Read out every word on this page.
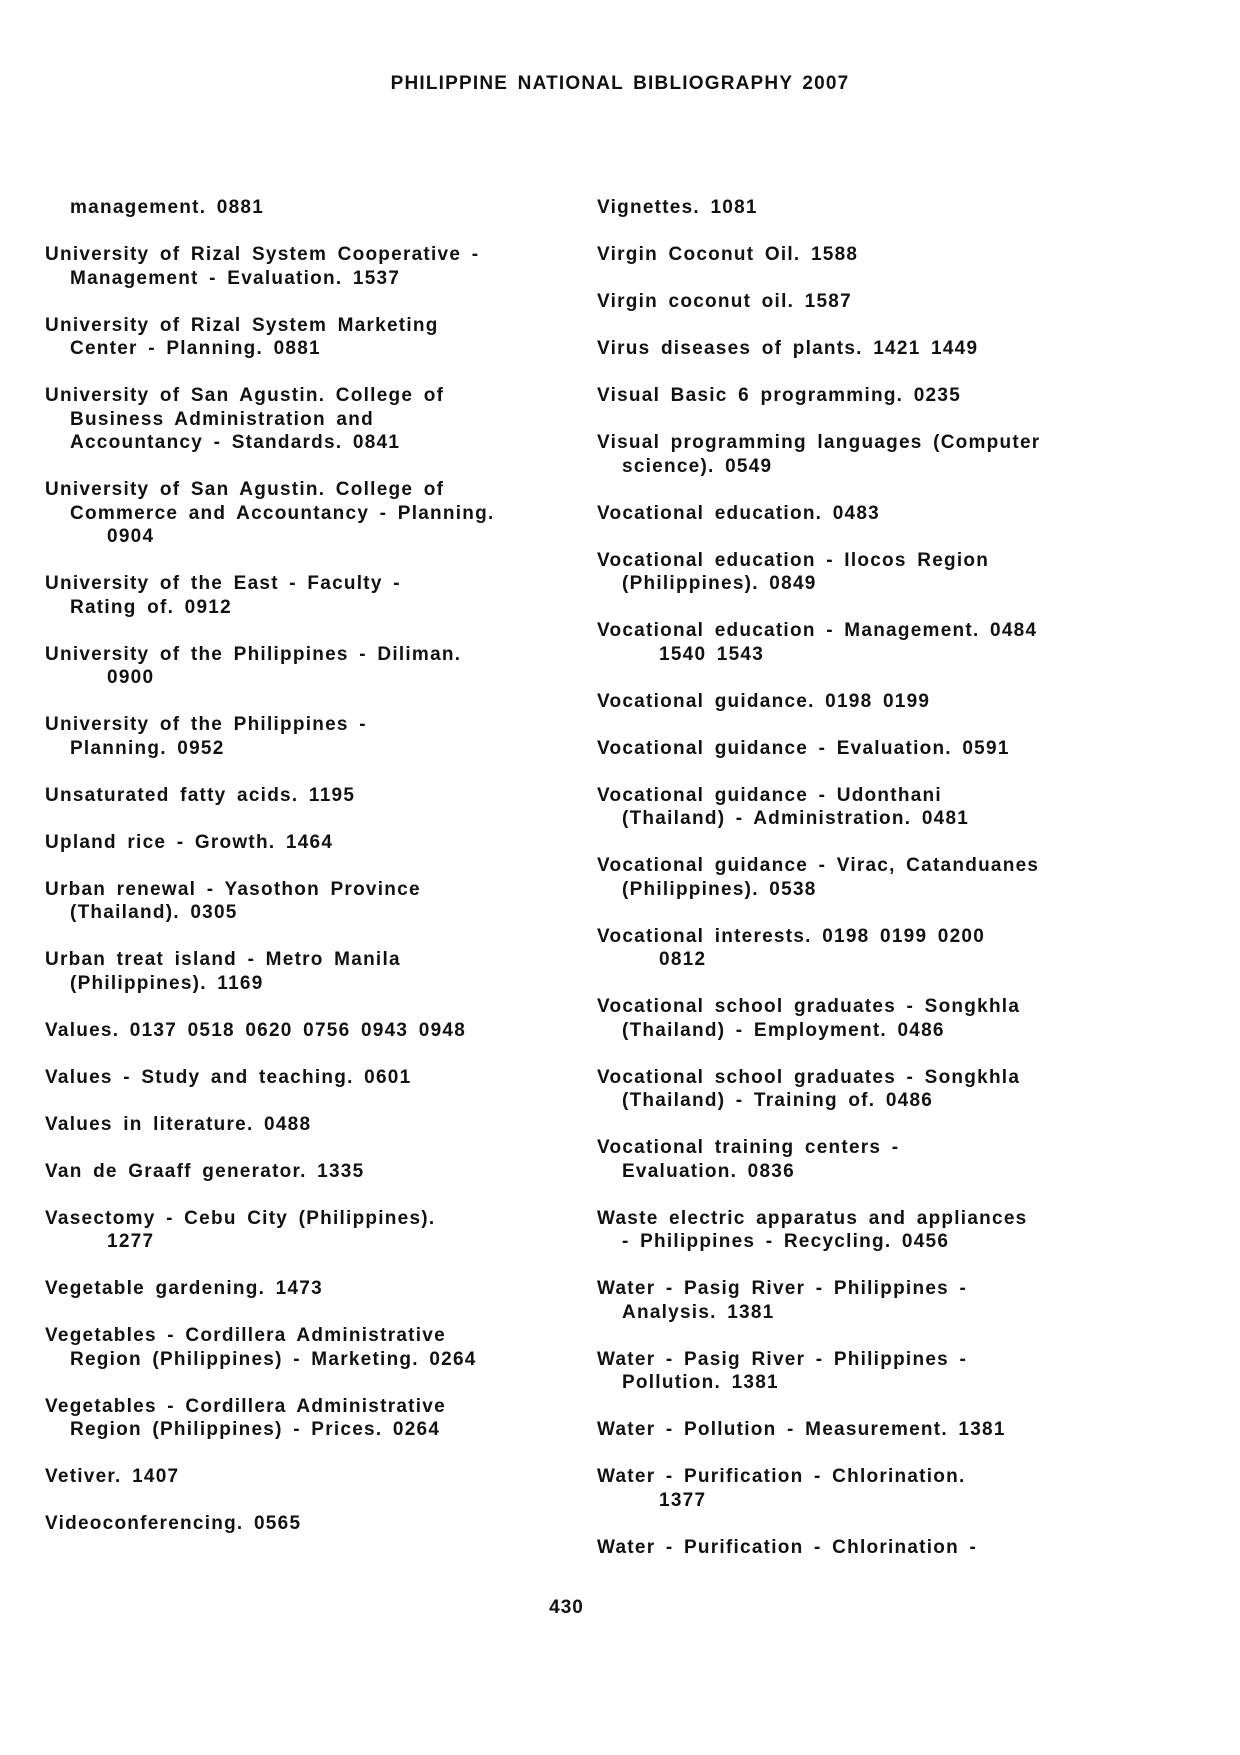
PHILIPPINE NATIONAL BIBLIOGRAPHY 2007
management. 0881
University of Rizal System Cooperative -
Management - Evaluation. 1537
University of Rizal System Marketing
Center - Planning. 0881
University of San Agustin. College of
Business Administration and
Accountancy - Standards. 0841
University of San Agustin. College of
Commerce and Accountancy - Planning.
0904
University of the East - Faculty -
Rating of. 0912
University of the Philippines - Diliman.
0900
University of the Philippines -
Planning. 0952
Unsaturated fatty acids. 1195
Upland rice - Growth. 1464
Urban renewal - Yasothon Province
(Thailand). 0305
Urban treat island - Metro Manila
(Philippines). 1169
Values. 0137 0518 0620 0756 0943 0948
Values - Study and teaching. 0601
Values in literature. 0488
Van de Graaff generator. 1335
Vasectomy - Cebu City (Philippines).
1277
Vegetable gardening. 1473
Vegetables - Cordillera Administrative
Region (Philippines) - Marketing. 0264
Vegetables - Cordillera Administrative
Region (Philippines) - Prices. 0264
Vetiver. 1407
Videoconferencing. 0565
Vignettes. 1081
Virgin Coconut Oil. 1588
Virgin coconut oil. 1587
Virus diseases of plants. 1421 1449
Visual Basic 6 programming. 0235
Visual programming languages (Computer
science). 0549
Vocational education. 0483
Vocational education - Ilocos Region
(Philippines). 0849
Vocational education - Management. 0484
1540 1543
Vocational guidance. 0198 0199
Vocational guidance - Evaluation. 0591
Vocational guidance - Udonthani
(Thailand) - Administration. 0481
Vocational guidance - Virac, Catanduanes
(Philippines). 0538
Vocational interests. 0198 0199 0200
0812
Vocational school graduates - Songkhla
(Thailand) - Employment. 0486
Vocational school graduates - Songkhla
(Thailand) - Training of. 0486
Vocational training centers -
Evaluation. 0836
Waste electric apparatus and appliances
- Philippines - Recycling. 0456
Water - Pasig River - Philippines -
Analysis. 1381
Water - Pasig River - Philippines -
Pollution. 1381
Water - Pollution - Measurement. 1381
Water - Purification - Chlorination.
1377
Water - Purification - Chlorination -
430
